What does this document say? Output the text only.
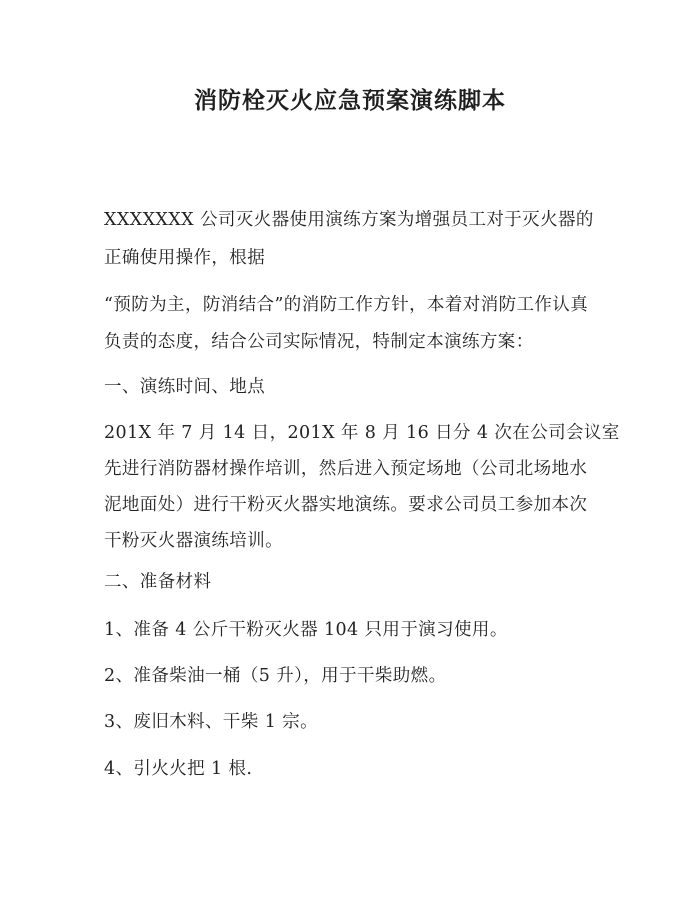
消防栓灭火应急预案演练脚本
XXXXXXX 公司灭火器使用演练方案为增强员工对于灭火器的
正确使用操作，根据
“预防为主，防消结合”的消防工作方针，本着对消防工作认真
负责的态度，结合公司实际情况，特制定本演练方案：
一、演练时间、地点
201X 年 7 月 14 日，201X 年 8 月 16 日分 4 次在公司会议室
先进行消防器材操作培训，然后进入预定场地（公司北场地水
泥地面处）进行干粉灭火器实地演练。要求公司员工参加本次
干粉灭火器演练培训。
二、准备材料
1、准备 4 公斤干粉灭火器 104 只用于演习使用。
2、准备柴油一桶（5 升），用于干柴助燃。
3、废旧木料、干柴 1 宗。
4、引火火把 1 根.
